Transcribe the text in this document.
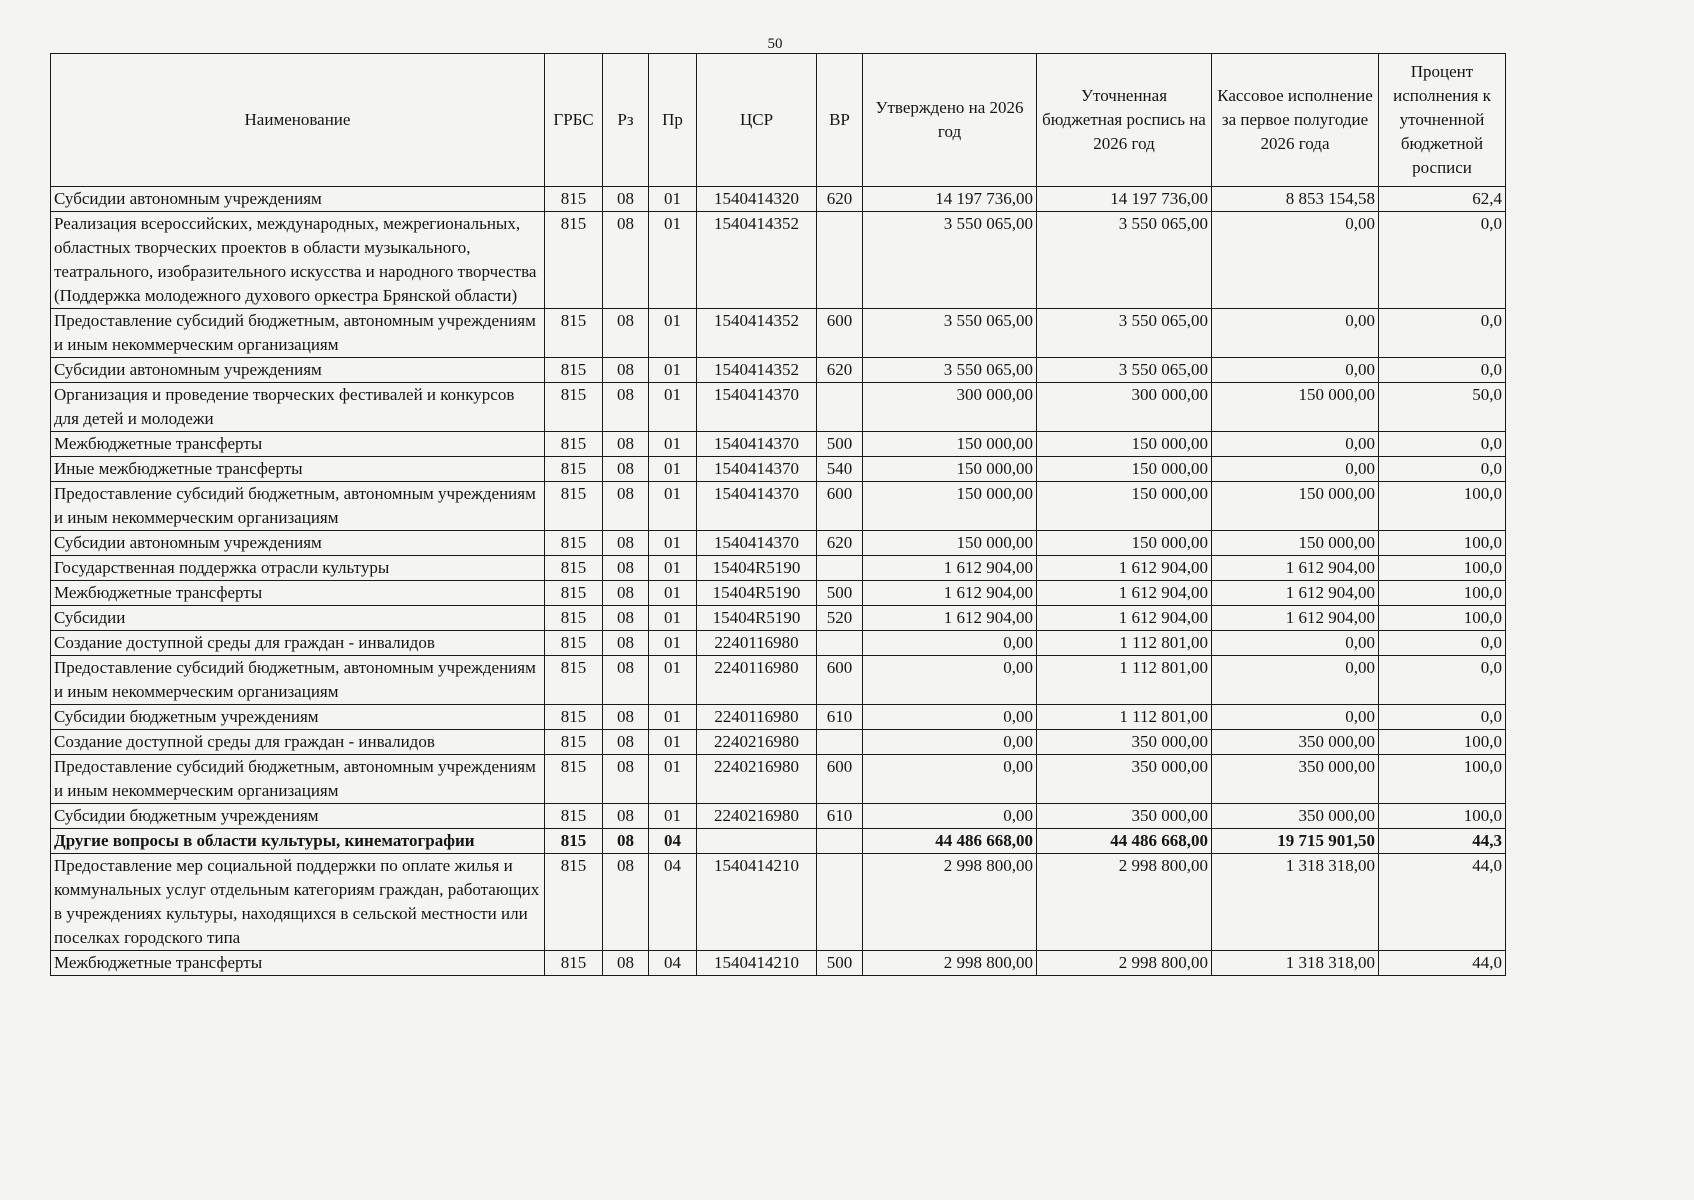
50
Наименование	ГРБС	Рз	Пр	ЦСР	ВР	Утверждено на 2026 год	Уточненная бюджетная роспись на 2026 год	Кассовое исполнение за первое полугодие 2026 года	Процент исполнения к уточненной бюджетной росписи
Субсидии автономным учреждениям	815	08	01	1540414320	620	14 197 736,00	14 197 736,00	8 853 154,58	62,4
Реализация всероссийских, международных, межрегиональных, областных творческих проектов в области музыкального, театрального, изобразительного искусства и народного творчества (Поддержка молодежного духового оркестра Брянской области)	815	08	01	1540414352		3 550 065,00	3 550 065,00	0,00	0,0
Предоставление субсидий бюджетным, автономным учреждениям и иным некоммерческим организациям	815	08	01	1540414352	600	3 550 065,00	3 550 065,00	0,00	0,0
Субсидии автономным учреждениям	815	08	01	1540414352	620	3 550 065,00	3 550 065,00	0,00	0,0
Организация и проведение творческих фестивалей и конкурсов для детей и молодежи	815	08	01	1540414370		300 000,00	300 000,00	150 000,00	50,0
Межбюджетные трансферты	815	08	01	1540414370	500	150 000,00	150 000,00	0,00	0,0
Иные межбюджетные трансферты	815	08	01	1540414370	540	150 000,00	150 000,00	0,00	0,0
Предоставление субсидий бюджетным, автономным учреждениям и иным некоммерческим организациям	815	08	01	1540414370	600	150 000,00	150 000,00	150 000,00	100,0
Субсидии автономным учреждениям	815	08	01	1540414370	620	150 000,00	150 000,00	150 000,00	100,0
Государственная поддержка отрасли культуры	815	08	01	15404R5190		1 612 904,00	1 612 904,00	1 612 904,00	100,0
Межбюджетные трансферты	815	08	01	15404R5190	500	1 612 904,00	1 612 904,00	1 612 904,00	100,0
Субсидии	815	08	01	15404R5190	520	1 612 904,00	1 612 904,00	1 612 904,00	100,0
Создание доступной среды для граждан - инвалидов	815	08	01	2240116980		0,00	1 112 801,00	0,00	0,0
Предоставление субсидий бюджетным, автономным учреждениям и иным некоммерческим организациям	815	08	01	2240116980	600	0,00	1 112 801,00	0,00	0,0
Субсидии бюджетным учреждениям	815	08	01	2240116980	610	0,00	1 112 801,00	0,00	0,0
Создание доступной среды для граждан - инвалидов	815	08	01	2240216980		0,00	350 000,00	350 000,00	100,0
Предоставление субсидий бюджетным, автономным учреждениям и иным некоммерческим организациям	815	08	01	2240216980	600	0,00	350 000,00	350 000,00	100,0
Субсидии бюджетным учреждениям	815	08	01	2240216980	610	0,00	350 000,00	350 000,00	100,0
Другие вопросы в области культуры, кинематографии	815	08	04			44 486 668,00	44 486 668,00	19 715 901,50	44,3
Предоставление мер социальной поддержки по оплате жилья и коммунальных услуг отдельным категориям граждан, работающих в учреждениях культуры, находящихся в сельской местности или поселках городского типа	815	08	04	1540414210		2 998 800,00	2 998 800,00	1 318 318,00	44,0
Межбюджетные трансферты	815	08	04	1540414210	500	2 998 800,00	2 998 800,00	1 318 318,00	44,0
